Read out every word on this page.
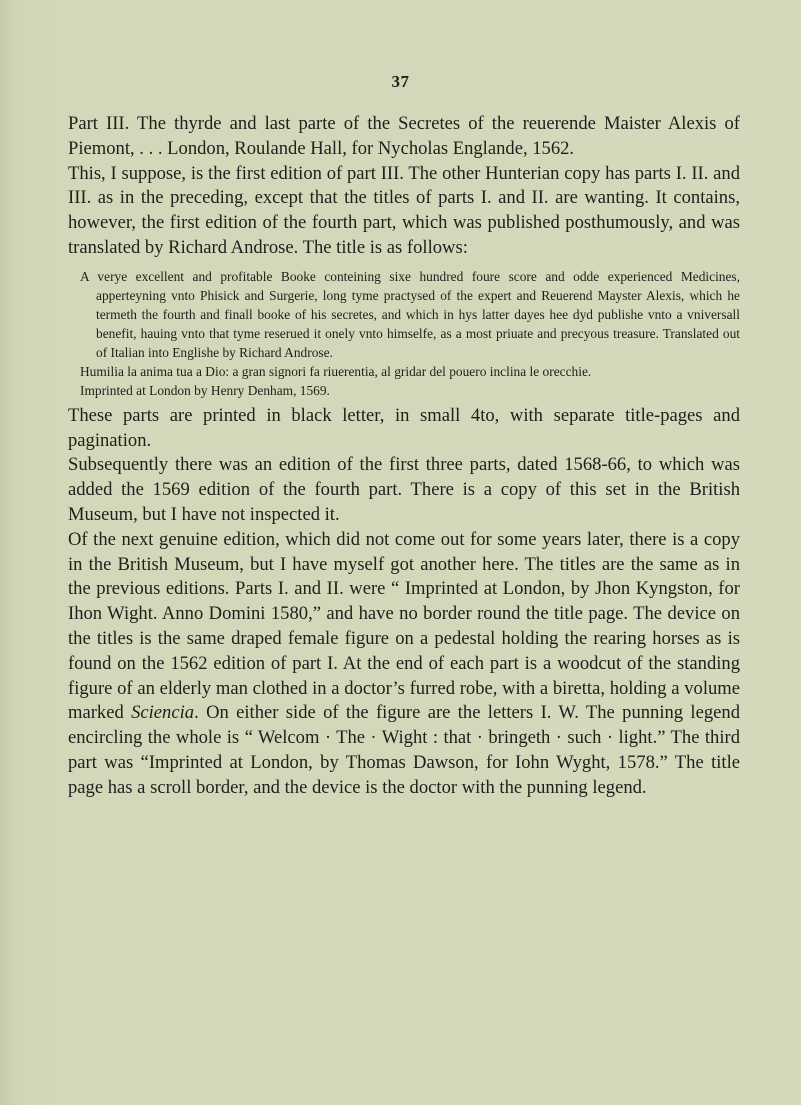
37

Part III. The thyrde and last parte of the Secretes of the reuerende Maister Alexis of Piemont, . . . London, Roulande Hall, for Nycholas Englande, 1562.

This, I suppose, is the first edition of part III. The other Hunterian copy has parts I. II. and III. as in the preceding, except that the titles of parts I. and II. are wanting. It contains, however, the first edition of the fourth part, which was published posthumously, and was translated by Richard Androse. The title is as follows:

A verye excellent and profitable Booke conteining sixe hundred foure score and odde experienced Medicines, apperteyning vnto Phisick and Surgerie, long tyme practysed of the expert and Reuerend Mayster Alexis, which he termeth the fourth and finall booke of his secretes, and which in hys latter dayes hee dyd publishe vnto a vniversall benefit, hauing vnto that tyme reserued it onely vnto himselfe, as a most priuate and precyous treasure. Translated out of Italian into Englishe by Richard Androse.

Humilia la anima tua a Dio: a gran signori fa riuerentia, al gridar del pouero inclina le orecchie.

Imprinted at London by Henry Denham, 1569.

These parts are printed in black letter, in small 4to, with separate title-pages and pagination.

Subsequently there was an edition of the first three parts, dated 1568-66, to which was added the 1569 edition of the fourth part. There is a copy of this set in the British Museum, but I have not inspected it.

Of the next genuine edition, which did not come out for some years later, there is a copy in the British Museum, but I have myself got another here. The titles are the same as in the previous editions. Parts I. and II. were “ Imprinted at London, by Jhon Kyngston, for Ihon Wight. Anno Domini 1580,” and have no border round the title page. The device on the titles is the same draped female figure on a pedestal holding the rearing horses as is found on the 1562 edition of part I. At the end of each part is a woodcut of the standing figure of an elderly man clothed in a doctor’s furred robe, with a biretta, holding a volume marked Sciencia. On either side of the figure are the letters I. W. The punning legend encircling the whole is “ Welcom · The · Wight : that · bringeth · such · light.” The third part was “Imprinted at London, by Thomas Dawson, for Iohn Wyght, 1578.” The title page has a scroll border, and the device is the doctor with the punning legend.
